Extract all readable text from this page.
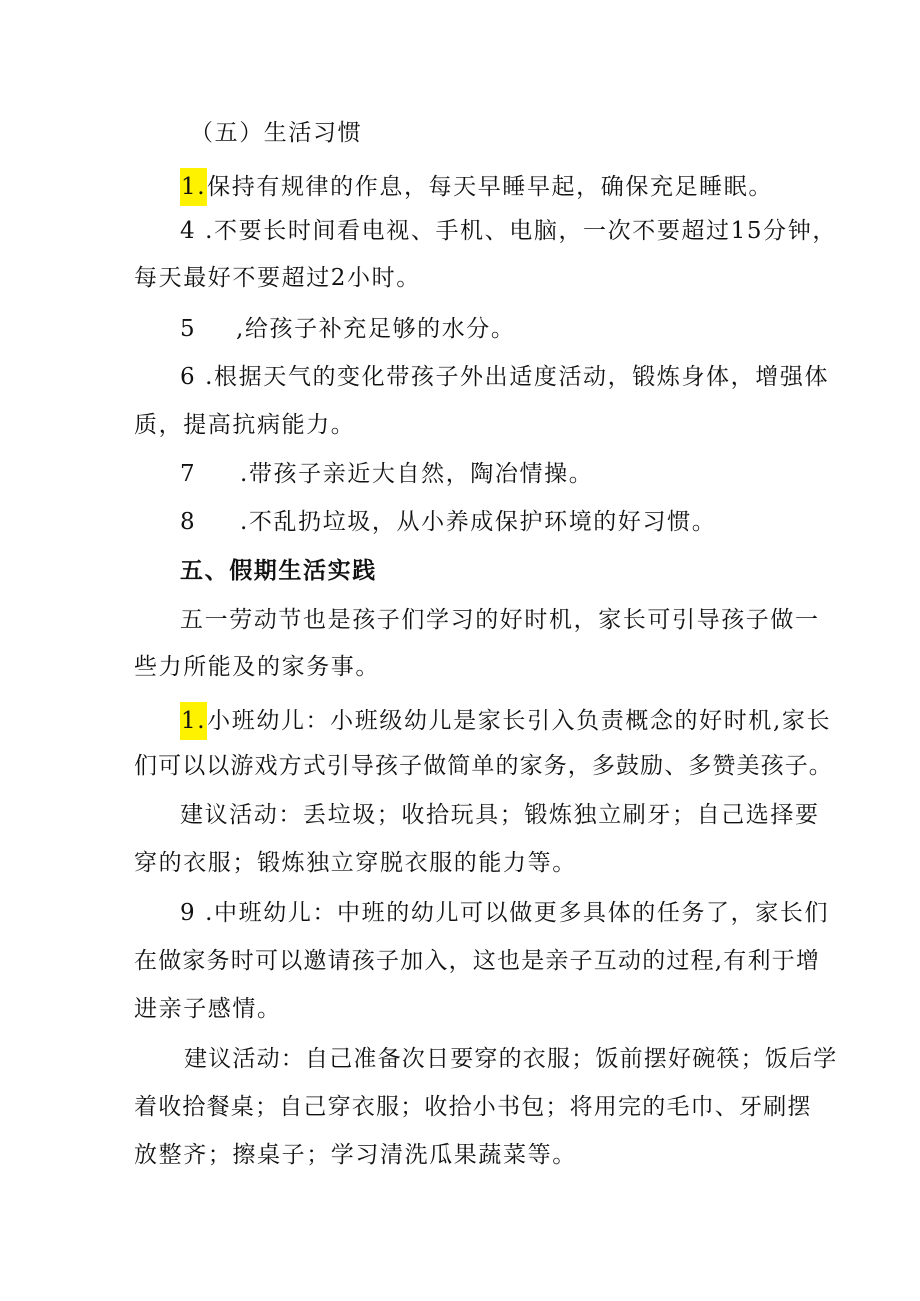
（五）生活习惯
1.保持有规律的作息，每天早睡早起，确保充足睡眠。
4 .不要长时间看电视、手机、电脑，一次不要超过15分钟，
每天最好不要超过2小时。
5 ,给孩子补充足够的水分。
6 .根据天气的变化带孩子外出适度活动，锻炼身体，增强体
质，提高抗病能力。
7 .带孩子亲近大自然，陶冶情操。
8 .不乱扔垃圾，从小养成保护环境的好习惯。
五、假期生活实践
五一劳动节也是孩子们学习的好时机，家长可引导孩子做一
些力所能及的家务事。
1.小班幼儿：小班级幼儿是家长引入负责概念的好时机,家长
们可以以游戏方式引导孩子做简单的家务，多鼓励、多赞美孩子。
建议活动：丢垃圾；收拾玩具；锻炼独立刷牙；自己选择要
穿的衣服；锻炼独立穿脱衣服的能力等。
9 .中班幼儿：中班的幼儿可以做更多具体的任务了，家长们
在做家务时可以邀请孩子加入，这也是亲子互动的过程,有利于增
进亲子感情。
建议活动：自己准备次日要穿的衣服；饭前摆好碗筷；饭后学
着收拾餐桌；自己穿衣服；收拾小书包；将用完的毛巾、牙刷摆
放整齐；擦桌子；学习清洗瓜果蔬菜等。
